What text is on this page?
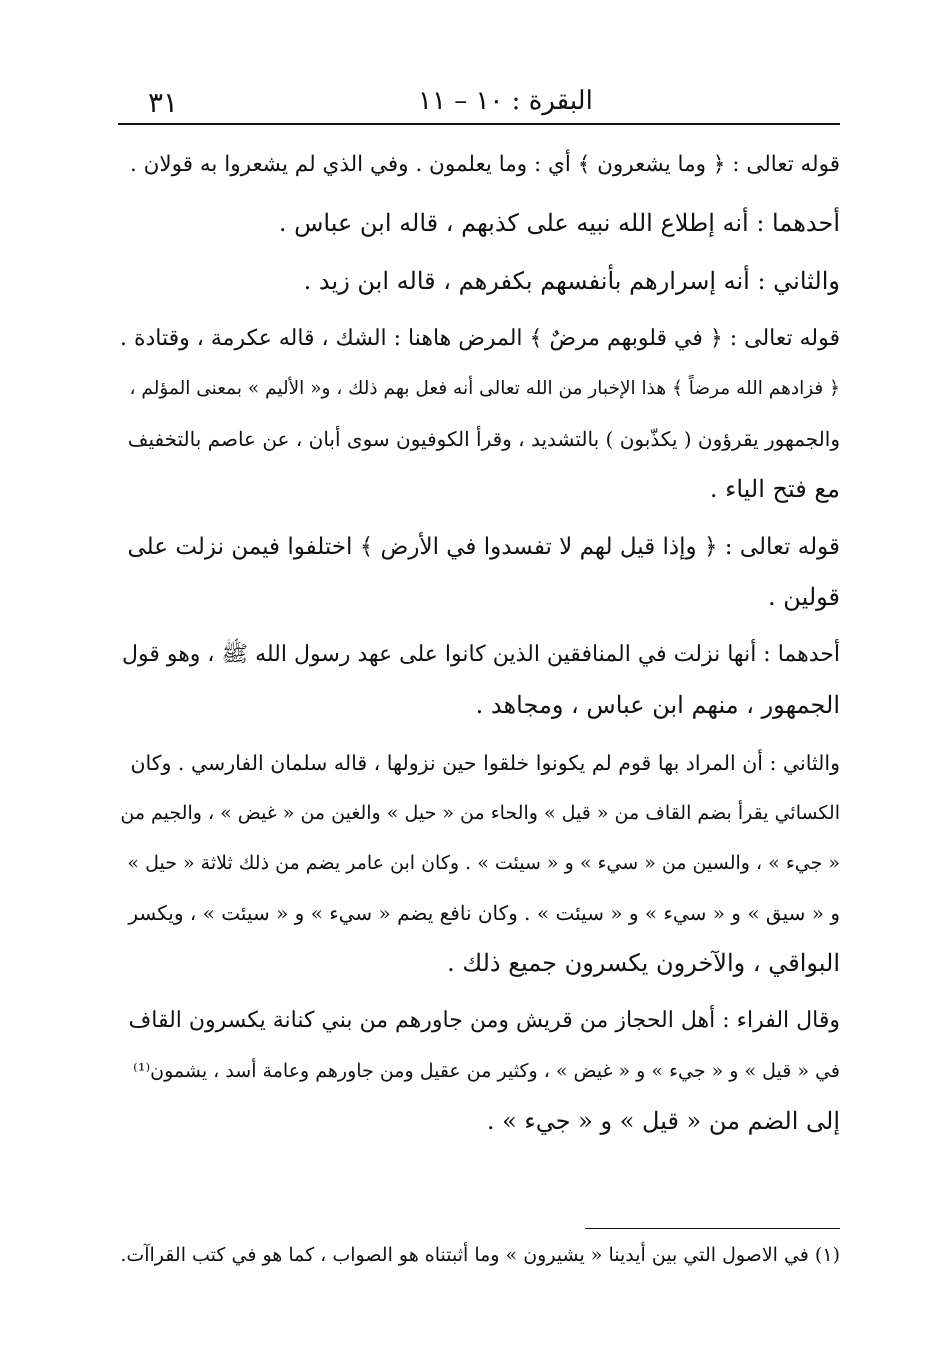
٣١	البقرة : ١٠ – ١١
قوله تعالى : ﴿ وما يشعرون ﴾ أي : وما يعلمون . وفي الذي لم يشعروا به قولان .
أحدهما : أنه إطلاع الله نبيه على كذبهم ، قاله ابن عباس .
والثاني : أنه إسرارهم بأنفسهم بكفرهم ، قاله ابن زيد .
قوله تعالى : ﴿ في قلوبهم مرضٌ ﴾ المرض هاهنا : الشك ، قاله عكرمة ، وقتادة .
﴿ فزادهم الله مرضاً ﴾ هذا الإخبار من الله تعالى أنه فعل بهم ذلك ، و« الأليم » بمعنى المؤلم ،
والجمهور يقرؤون ( يكذّبون ) بالتشديد ، وقرأ الكوفيون سوى أبان ، عن عاصم بالتخفيف
مع فتح الياء .
قوله تعالى : ﴿ وإذا قيل لهم لا تفسدوا في الأرض ﴾ اختلفوا فيمن نزلت على
قولين .
أحدهما : أنها نزلت في المنافقين الذين كانوا على عهد رسول الله ﷺ ، وهو قول
الجمهور ، منهم ابن عباس ، ومجاهد .
والثاني : أن المراد بها قوم لم يكونوا خلقوا حين نزولها ، قاله سلمان الفارسي . وكان
الكسائي يقرأ بضم القاف من « قيل » والحاء من « حيل » والغين من « غيض » ، والجيم من
« جيء » ، والسين من « سيء » و « سيئت » . وكان ابن عامر يضم من ذلك ثلاثة « حيل »
و « سيق » و « سيء » و « سيئت » . وكان نافع يضم « سيء » و « سيئت » ، ويكسر
البواقي ، والآخرون يكسرون جميع ذلك .
وقال الفراء : أهل الحجاز من قريش ومن جاورهم من بني كنانة يكسرون القاف
في « قيل » و « جيء » و « غيض » ، وكثير من عقيل ومن جاورهم وعامة أسد ، يشمون⁽¹⁾
إلى الضم من « قيل » و « جيء » .
(١) في الاصول التي بين أيدينا « يشيرون » وما أثبتناه هو الصواب ، كما هو في كتب القراآت.
